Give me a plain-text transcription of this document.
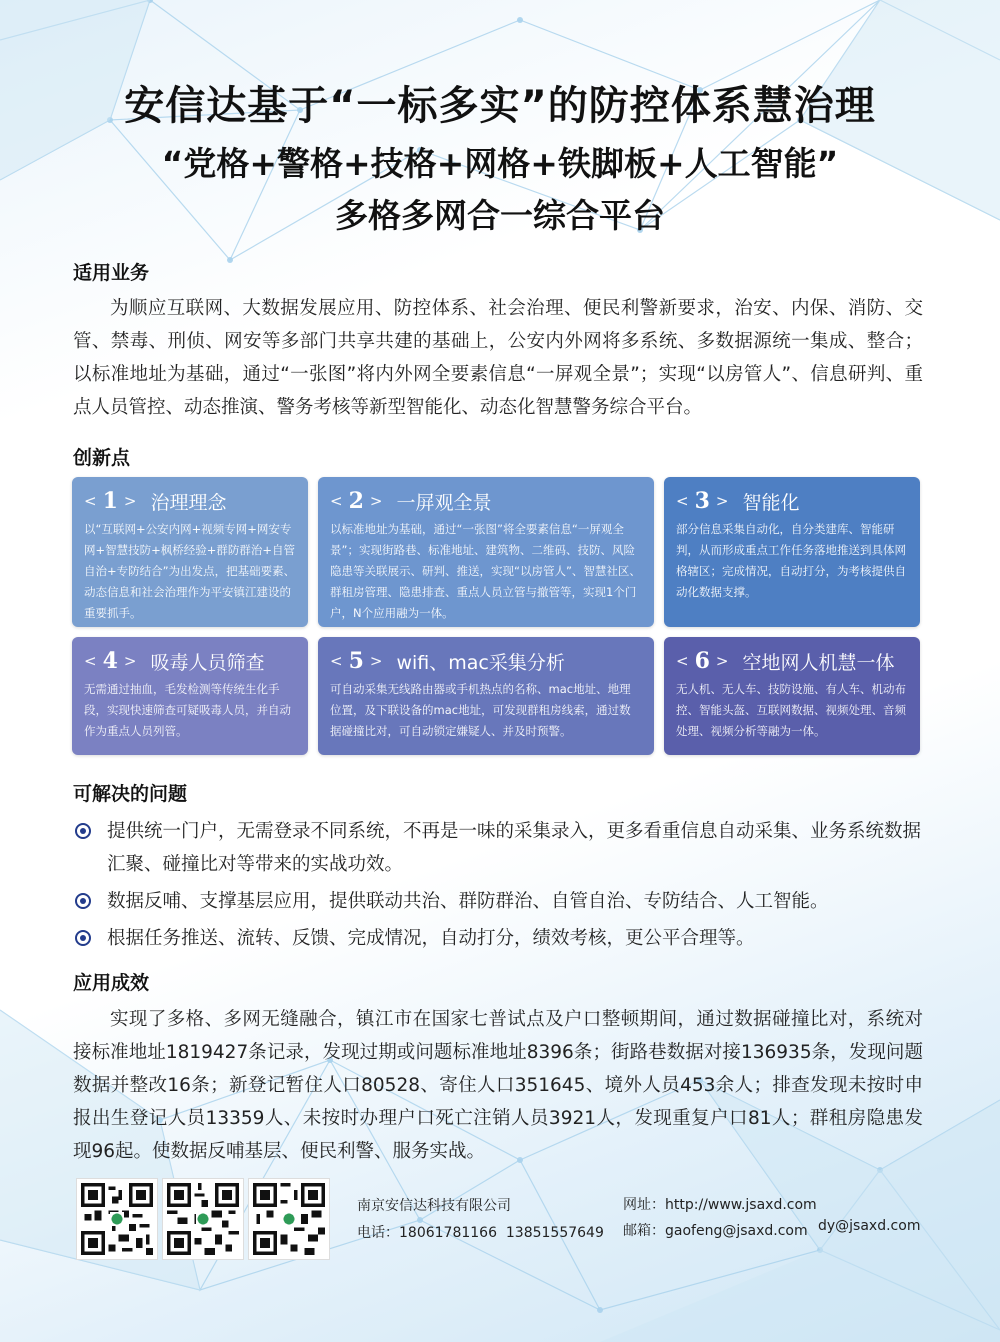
安信达基于“一标多实”的防控体系慧治理
“党格+警格+技格+网格+铁脚板+人工智能”
多格多网合一综合平台
适用业务
为顺应互联网、大数据发展应用、防控体系、社会治理、便民利警新要求，治安、内保、消防、交管、禁毒、刑侦、网安等多部门共享共建的基础上，公安内外网将多系统、多数据源统一集成、整合；以标准地址为基础，通过“一张图”将内外网全要素信息“一屏观全景”；实现“以房管人”、信息研判、重点人员管控、动态推演、警务考核等新型智能化、动态化智慧警务综合平台。
创新点
< 1 > 治理理念
以“互联网+公安内网+视频专网+网安专网+智慧技防+枫桥经验+群防群治+自管自治+专防结合”为出发点，把基础要素、动态信息和社会治理作为平安镇江建设的重要抓手。
< 2 > 一屏观全景
以标准地址为基础，通过“一张图”将全要素信息“一屏观全景”；实现街路巷、标准地址、建筑物、二维码、技防、风险隐患等关联展示、研判、推送，实现“以房管人”、智慧社区、群租房管理、隐患排查、重点人员立管与撤管等，实现1个门户，N个应用融为一体。
< 3 > 智能化
部分信息采集自动化，自分类建库、智能研判，从而形成重点工作任务落地推送到具体网格辖区；完成情况，自动打分，为考核提供自动化数据支撑。
< 4 > 吸毒人员筛查
无需通过抽血，毛发检测等传统生化手段，实现快速筛查可疑吸毒人员，并自动作为重点人员列管。
< 5 > wifi、mac采集分析
可自动采集无线路由器或手机热点的名称、mac地址、地理位置，及下联设备的mac地址，可发现群租房线索，通过数据碰撞比对，可自动锁定嫌疑人、并及时预警。
< 6 > 空地网人机慧一体
无人机、无人车、技防设施、有人车、机动布控、智能头盔、互联网数据、视频处理、音频处理、视频分析等融为一体。
可解决的问题
提供统一门户，无需登录不同系统，不再是一味的采集录入，更多看重信息自动采集、业务系统数据汇聚、碰撞比对等带来的实战功效。
数据反哺、支撑基层应用，提供联动共治、群防群治、自管自治、专防结合、人工智能。
根据任务推送、流转、反馈、完成情况，自动打分，绩效考核，更公平合理等。
应用成效
实现了多格、多网无缝融合，镇江市在国家七普试点及户口整顿期间，通过数据碰撞比对，系统对接标准地址1819427条记录，发现过期或问题标准地址8396条；街路巷数据对接136935条，发现问题数据并整改16条；新登记暂住人口80528、寄住人口351645、境外人员453余人；排查发现未按时申报出生登记人员13359人、未按时办理户口死亡注销人员3921人，发现重复户口81人；群租房隐患发现96起。使数据反哺基层、便民利警、服务实战。
南京安信达科技有限公司
电话：18061781166 13851557649
网址：http://www.jsaxd.com
邮箱：gaofeng@jsaxd.com dy@jsaxd.com
